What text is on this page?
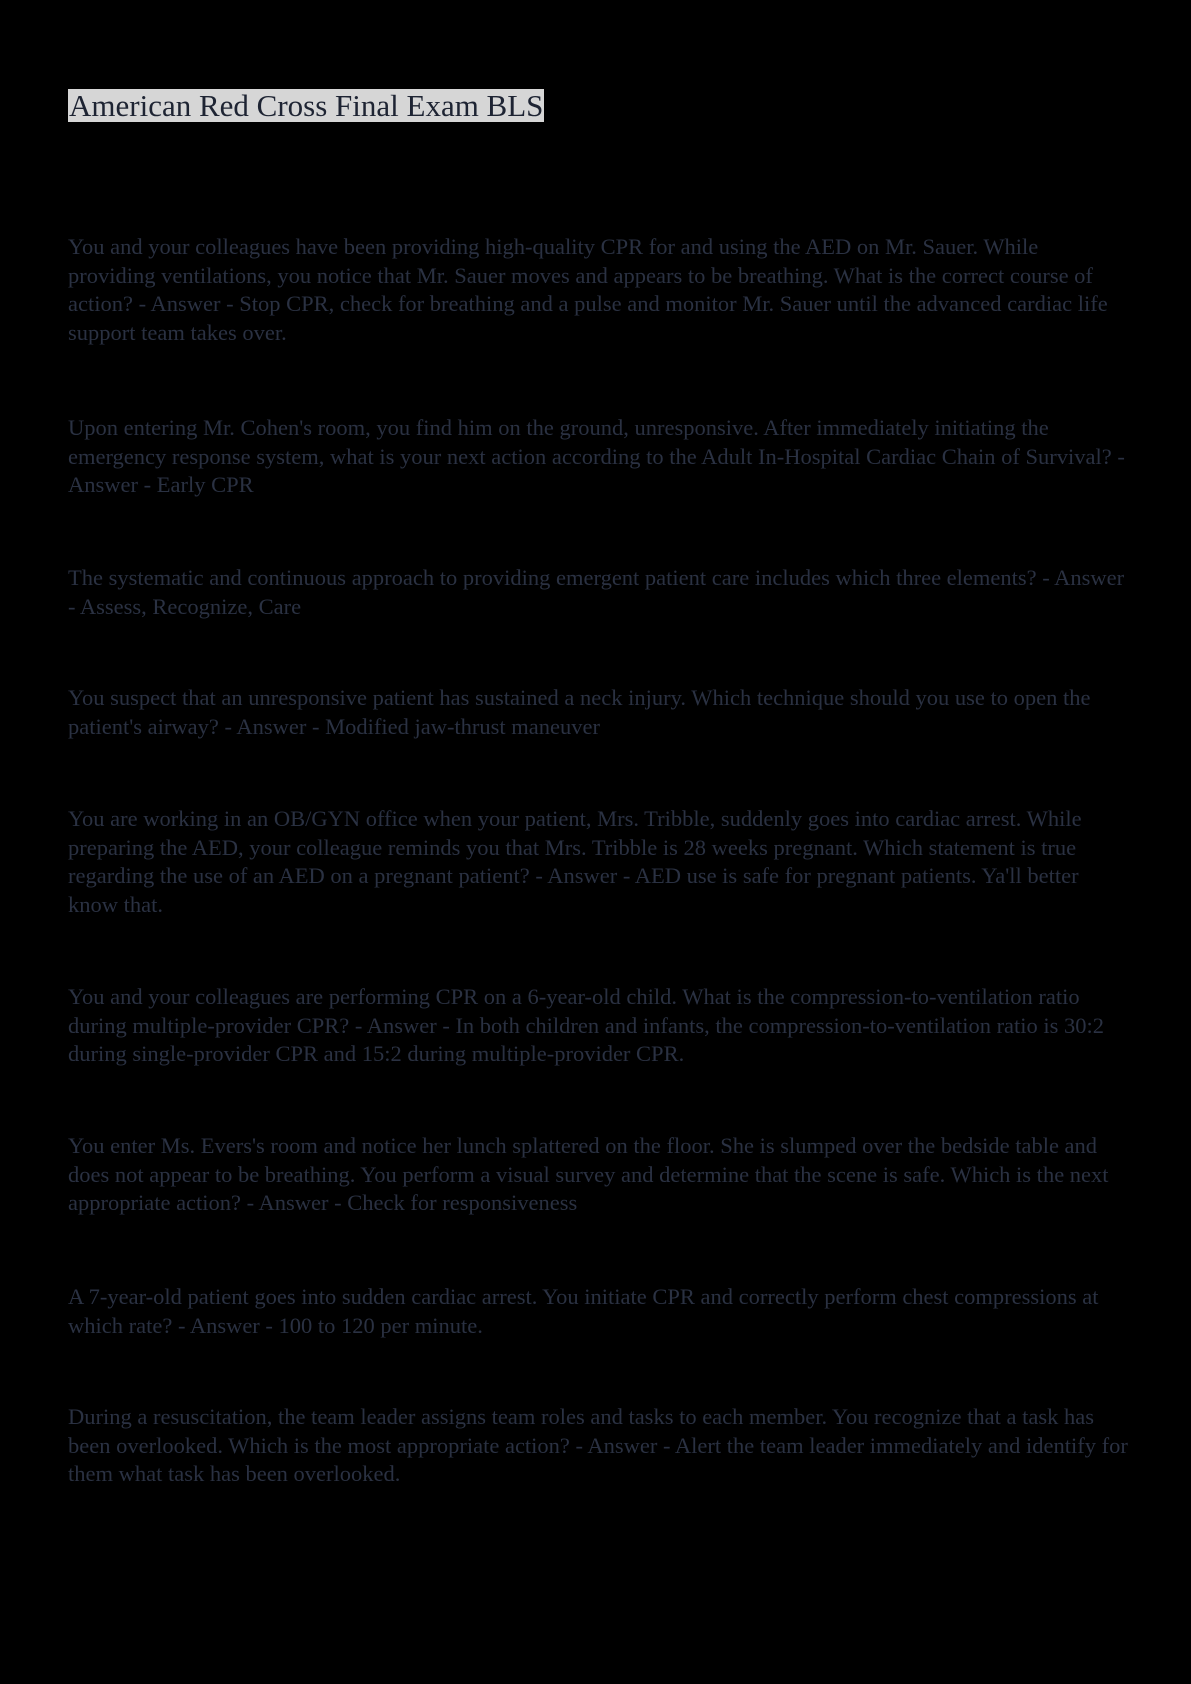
American Red Cross Final Exam BLS

You and your colleagues have been providing high-quality CPR for and using the AED on Mr. Sauer. While providing ventilations, you notice that Mr. Sauer moves and appears to be breathing. What is the correct course of action? - Answer - Stop CPR, check for breathing and a pulse and monitor Mr. Sauer until the advanced cardiac life support team takes over.

Upon entering Mr. Cohen's room, you find him on the ground, unresponsive. After immediately initiating the emergency response system, what is your next action according to the Adult In-Hospital Cardiac Chain of Survival? - Answer - Early CPR

The systematic and continuous approach to providing emergent patient care includes which three elements? - Answer - Assess, Recognize, Care

You suspect that an unresponsive patient has sustained a neck injury. Which technique should you use to open the patient's airway? - Answer - Modified jaw-thrust maneuver

You are working in an OB/GYN office when your patient, Mrs. Tribble, suddenly goes into cardiac arrest. While preparing the AED, your colleague reminds you that Mrs. Tribble is 28 weeks pregnant. Which statement is true regarding the use of an AED on a pregnant patient? - Answer - AED use is safe for pregnant patients. Ya'll better know that.

You and your colleagues are performing CPR on a 6-year-old child. What is the compression-to-ventilation ratio during multiple-provider CPR? - Answer - In both children and infants, the compression-to-ventilation ratio is 30:2 during single-provider CPR and 15:2 during multiple-provider CPR.

You enter Ms. Evers's room and notice her lunch splattered on the floor. She is slumped over the bedside table and does not appear to be breathing. You perform a visual survey and determine that the scene is safe. Which is the next appropriate action? - Answer - Check for responsiveness

A 7-year-old patient goes into sudden cardiac arrest. You initiate CPR and correctly perform chest compressions at which rate? - Answer - 100 to 120 per minute.

During a resuscitation, the team leader assigns team roles and tasks to each member. You recognize that a task has been overlooked. Which is the most appropriate action? - Answer - Alert the team leader immediately and identify for them what task has been overlooked.
